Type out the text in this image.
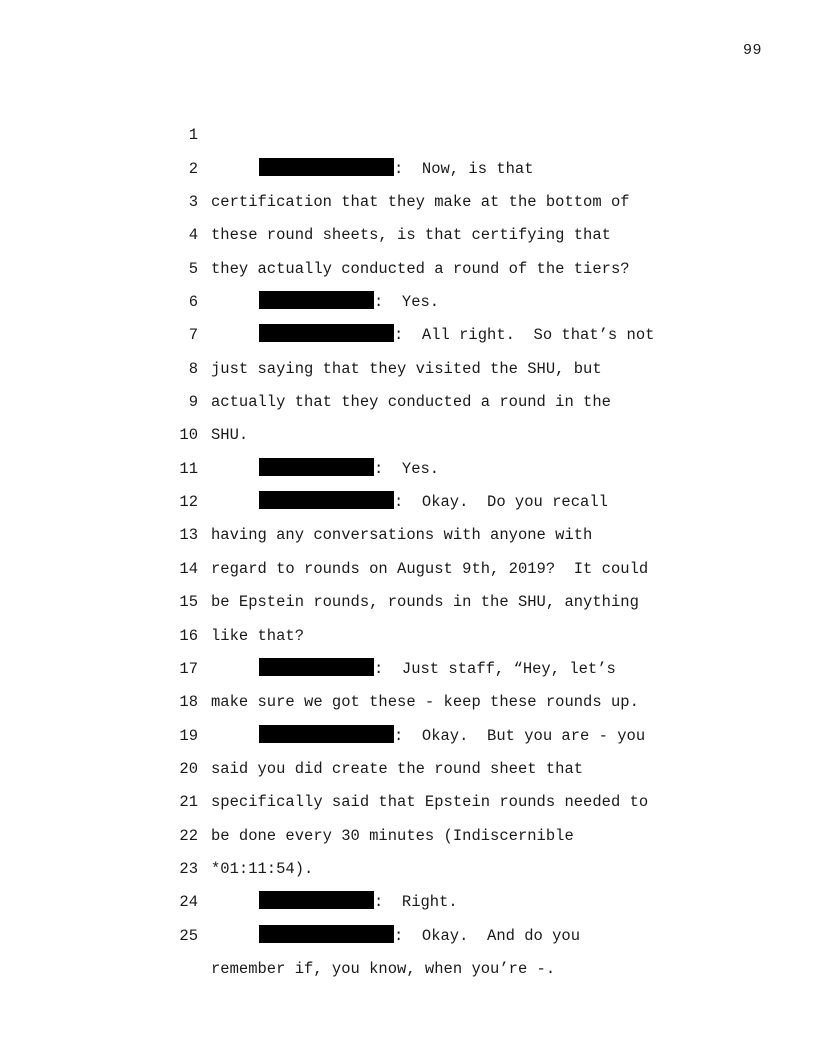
99

1

:  Now, is that

2

certification that they make at the bottom of

3

these round sheets, is that certifying that

4

they actually conducted a round of the tiers?

5

:  Yes.

6

:  All right.  So that’s not

7

just saying that they visited the SHU, but

8

actually that they conducted a round in the

9

SHU.

10

:  Yes.

11

:  Okay.  Do you recall

12

having any conversations with anyone with

13

regard to rounds on August 9th, 2019?  It could

14

be Epstein rounds, rounds in the SHU, anything

15

like that?

16

:  Just staff, “Hey, let’s

17

make sure we got these - keep these rounds up.

18

:  Okay.  But you are - you

19

said you did create the round sheet that

20

specifically said that Epstein rounds needed to

21

be done every 30 minutes (Indiscernible

22

*01:11:54).

23

:  Right.

24

:  Okay.  And do you

25

remember if, you know, when you’re -.
